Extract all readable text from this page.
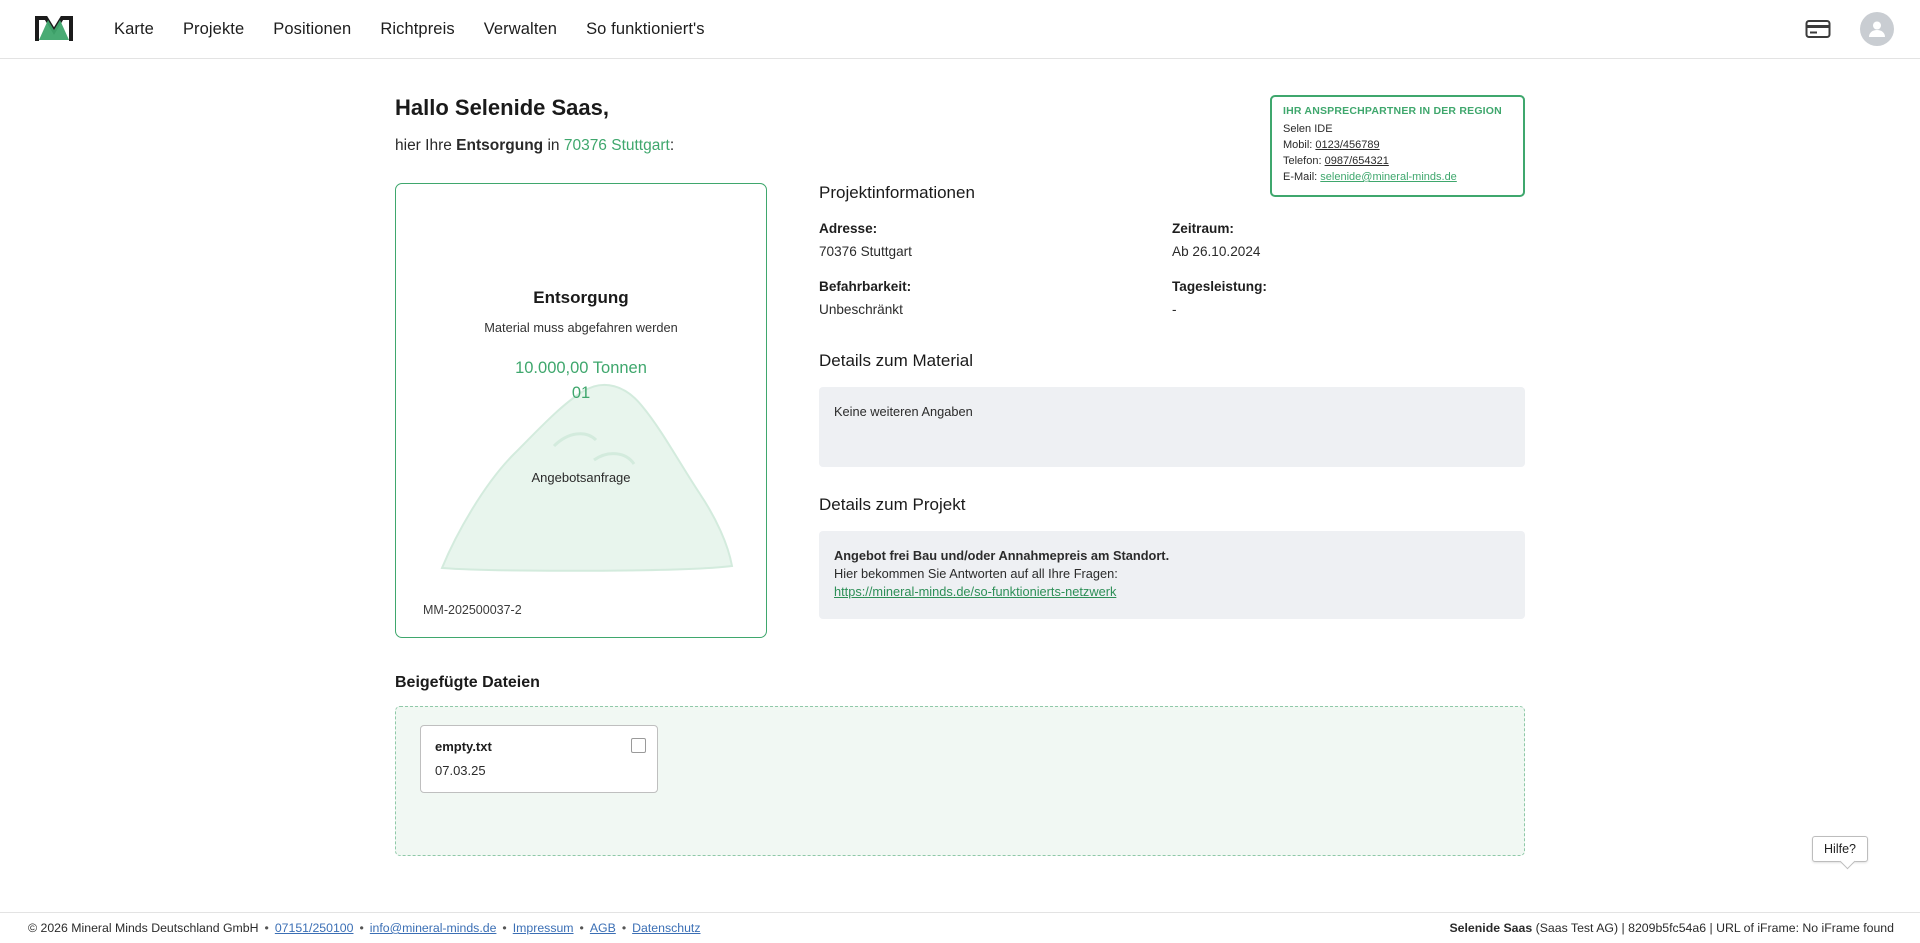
Karte Projekte Positionen Richtpreis Verwalten So funktioniert's
Hallo Selenide Saas,
hier Ihre Entsorgung in 70376 Stuttgart:
IHR ANSPRECHPARTNER IN DER REGION
Selen IDE
Mobil: 0123/456789
Telefon: 0987/654321
E-Mail: selenide@mineral-minds.de
Entsorgung
Material muss abgefahren werden
10.000,00 Tonnen
01
Angebotsanfrage
MM-202500037-2
Projektinformationen
Adresse:
70376 Stuttgart
Zeitraum:
Ab 26.10.2024
Befahrbarkeit:
Unbeschränkt
Tagesleistung:
-
Details zum Material
Keine weiteren Angaben
Details zum Projekt
Angebot frei Bau und/oder Annahmepreis am Standort.
Hier bekommen Sie Antworten auf all Ihre Fragen:
https://mineral-minds.de/so-funktionierts-netzwerk
Beigefügte Dateien
empty.txt
07.03.25
Hilfe?
© 2026 Mineral Minds Deutschland GmbH • 07151/250100 • info@mineral-minds.de • Impressum • AGB • Datenschutz	Selenide Saas (Saas Test AG) | 8209b5fc54a6 | URL of iFrame: No iFrame found
